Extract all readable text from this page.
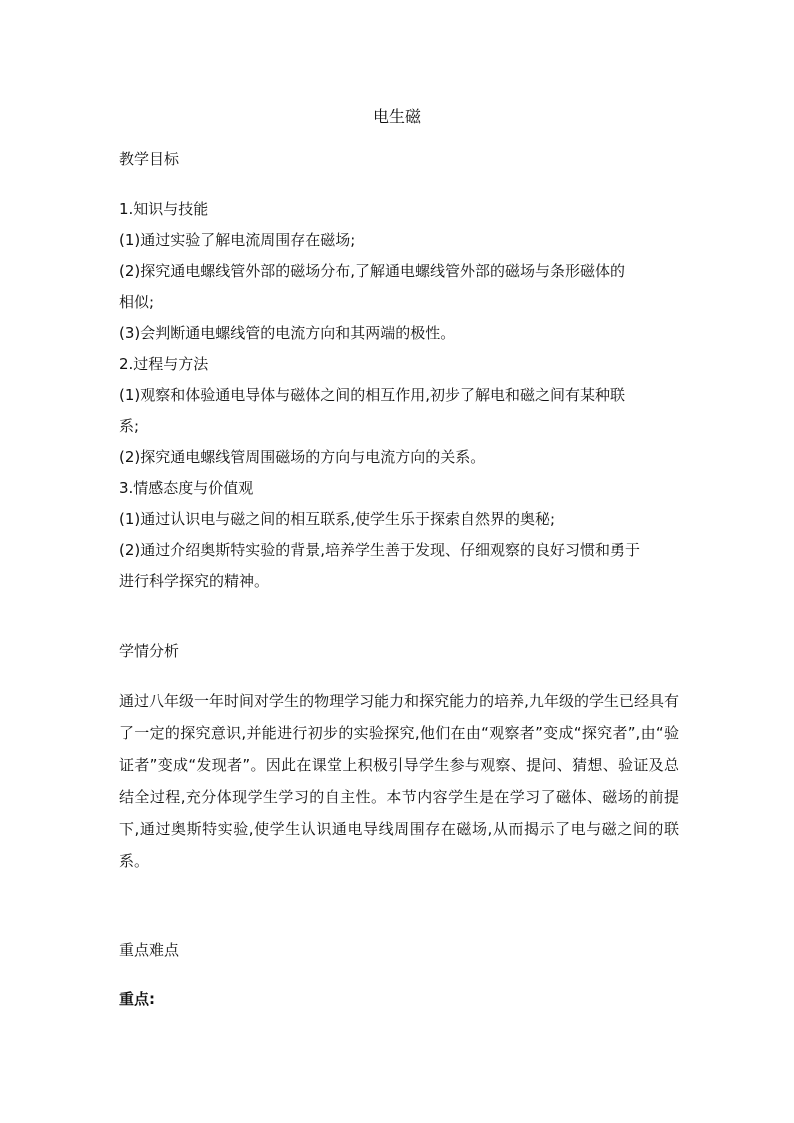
电生磁
教学目标

1.知识与技能

(1)通过实验了解电流周围存在磁场;

(2)探究通电螺线管外部的磁场分布,了解通电螺线管外部的磁场与条形磁体的

相似;

(3)会判断通电螺线管的电流方向和其两端的极性。

2.过程与方法

(1)观察和体验通电导体与磁体之间的相互作用,初步了解电和磁之间有某种联

系;

(2)探究通电螺线管周围磁场的方向与电流方向的关系。

3.情感态度与价值观

(1)通过认识电与磁之间的相互联系,使学生乐于探索自然界的奥秘;

(2)通过介绍奥斯特实验的背景,培养学生善于发现、仔细观察的良好习惯和勇于

进行科学探究的精神。

学情分析

通过八年级一年时间对学生的物理学习能力和探究能力的培养,九年级的学生已经具有了一定的探究意识,并能进行初步的实验探究,他们在由“观察者”变成“探究者”,由“验证者”变成“发现者”。因此在课堂上积极引导学生参与观察、提问、猜想、验证及总结全过程,充分体现学生学习的自主性。本节内容学生是在学习了磁体、磁场的前提下,通过奥斯特实验,使学生认识通电导线周围存在磁场,从而揭示了电与磁之间的联系。

重点难点
重点:
